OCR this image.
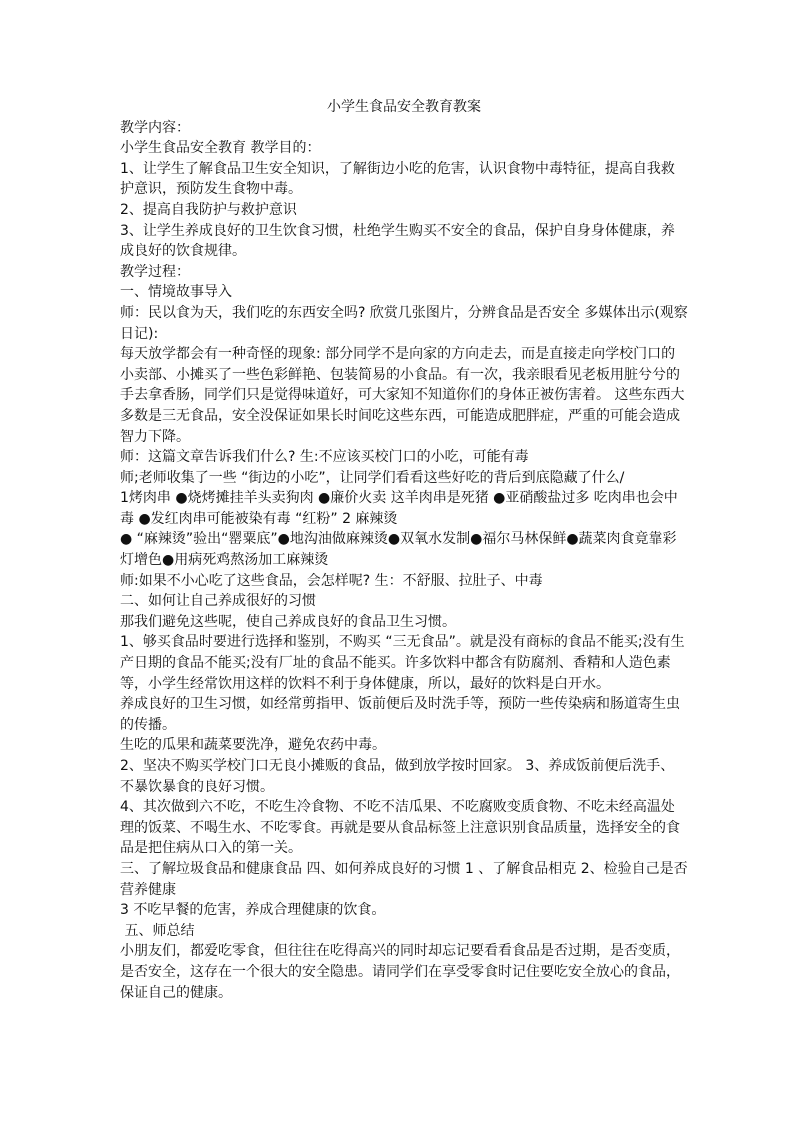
小学生食品安全教育教案
教学内容：
小学生食品安全教育 教学目的：
1、让学生了解食品卫生安全知识，了解街边小吃的危害，认识食物中毒特征，提高自我救护意识，预防发生食物中毒。
2、提高自我防护与救护意识
3、让学生养成良好的卫生饮食习惯，杜绝学生购买不安全的食品，保护自身身体健康，养成良好的饮食规律。
教学过程：
一、情境故事导入
师：民以食为天，我们吃的东西安全吗? 欣赏几张图片，分辨食品是否安全 多媒体出示(观察日记):
每天放学都会有一种奇怪的现象: 部分同学不是向家的方向走去，而是直接走向学校门口的小卖部、小摊买了一些色彩鲜艳、包装简易的小食品。有一次，我亲眼看见老板用脏兮兮的手去拿香肠，同学们只是觉得味道好，可大家知不知道你们的身体正被伤害着。 这些东西大多数是三无食品，安全没保证如果长时间吃这些东西，可能造成肥胖症，严重的可能会造成智力下降。
师：这篇文章告诉我们什么? 生:不应该买校门口的小吃，可能有毒
师;老师收集了一些 “街边的小吃”，让同学们看看这些好吃的背后到底隐藏了什么/
1烤肉串 ●烧烤摊挂羊头卖狗肉 ●廉价火卖 这羊肉串是死猪 ●亚硝酸盐过多 吃肉串也会中毒 ●发红肉串可能被染有毒 “红粉” 2 麻辣烫
● “麻辣烫”验出“罂粟底”●地沟油做麻辣烫●双氧水发制●福尔马林保鲜●蔬菜肉食竟靠彩灯增色●用病死鸡熬汤加工麻辣烫
师:如果不小心吃了这些食品，会怎样呢? 生：不舒服、拉肚子、中毒
二、如何让自己养成很好的习惯
那我们避免这些呢，使自己养成良好的食品卫生习惯。
1、够买食品时要进行选择和鉴别，不购买 “三无食品”。就是没有商标的食品不能买;没有生产日期的食品不能买;没有厂址的食品不能买。许多饮料中都含有防腐剂、香精和人造色素等，小学生经常饮用这样的饮料不利于身体健康，所以，最好的饮料是白开水。
养成良好的卫生习惯，如经常剪指甲、饭前便后及时洗手等，预防一些传染病和肠道寄生虫的传播。
生吃的瓜果和蔬菜要洗净，避免农药中毒。
2、坚决不购买学校门口无良小摊贩的食品，做到放学按时回家。 3、养成饭前便后洗手、不暴饮暴食的良好习惯。
4、其次做到六不吃，不吃生冷食物、不吃不洁瓜果、不吃腐败变质食物、不吃未经高温处理的饭菜、不喝生水、不吃零食。再就是要从食品标签上注意识别食品质量，选择安全的食品是把住病从口入的第一关。
三、了解垃圾食品和健康食品 四、如何养成良好的习惯 1 、了解食品相克 2、检验自己是否营养健康
3 不吃早餐的危害，养成合理健康的饮食。
五、师总结
小朋友们，都爱吃零食，但往往在吃得高兴的同时却忘记要看看食品是否过期，是否变质，是否安全，这存在一个很大的安全隐患。请同学们在享受零食时记住要吃安全放心的食品，保证自己的健康。
